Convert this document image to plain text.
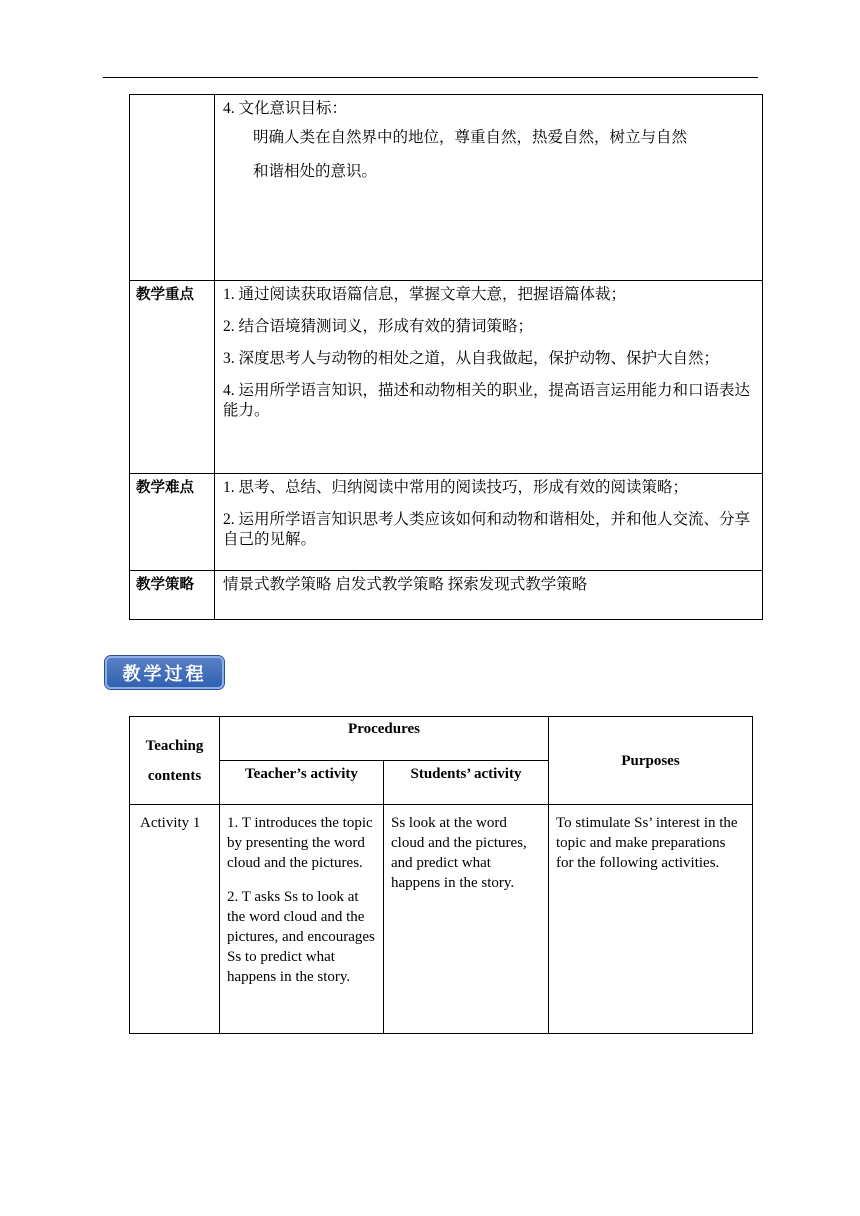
	4. 文化意识目标：

明确人类在自然界中的地位，尊重自然，热爱自然，树立与自然
和谐相处的意识。

教学重点	1. 通过阅读获取语篇信息，掌握文章大意，把握语篇体裁；

2. 结合语境猜测词义，形成有效的猜词策略；

3. 深度思考人与动物的相处之道，从自我做起，保护动物、保护大自然；

4. 运用所学语言知识，描述和动物相关的职业，提高语言运用能力和口语表达能力。

教学难点	1. 思考、总结、归纳阅读中常用的阅读技巧，形成有效的阅读策略；

2. 运用所学语言知识思考人类应该如何和动物和谐相处，并和他人交流、分享自己的见解。

教学策略	情景式教学策略 启发式教学策略 探索发现式教学策略
教学过程
Teaching
contents	Procedures		Purposes
	Teacher’s activity	Students’ activity	
Activity 1	1. T introduces the topic by presenting the word cloud and the pictures.

2. T asks Ss to look at the word cloud and the pictures, and encourages Ss to predict what happens in the story.	Ss look at the word cloud and the pictures, and predict what happens in the story.	To stimulate Ss’ interest in the topic and make preparations for the following activities.
